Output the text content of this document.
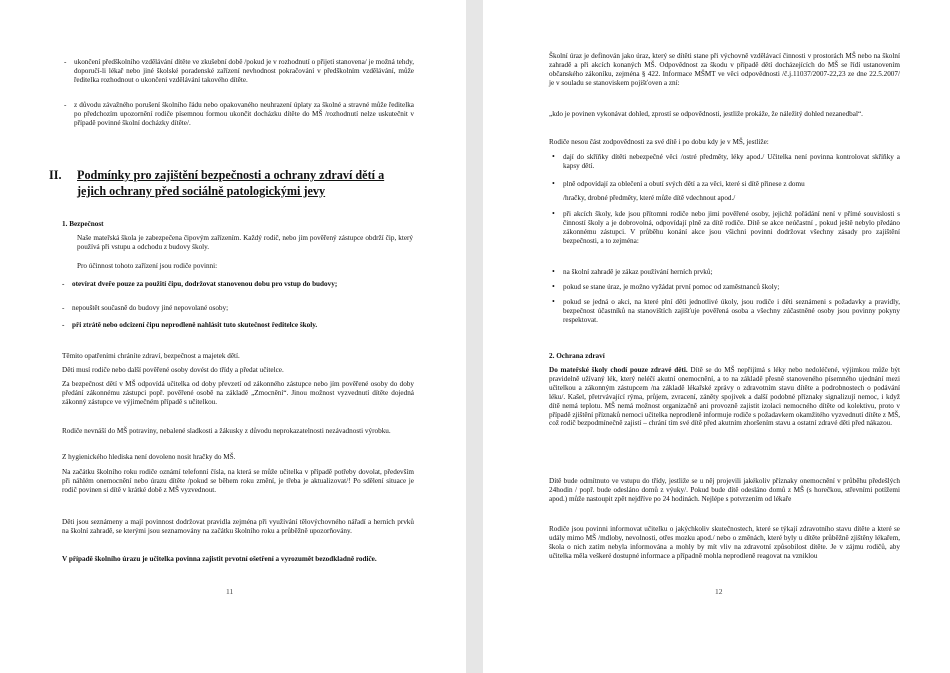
- ukončení předškolního vzdělávání dítěte ve zkušební době /pokud je v rozhodnutí o přijetí stanovena/ je možná tehdy, doporučí-li lékař nebo jiné školské poradenské zařízení nevhodnost pokračování v předškolním vzdělávání, může ředitelka rozhodnout o ukončení vzdělávání takového dítěte.

- z důvodu závažného porušení školního řádu nebo opakovaného neuhrazení úplaty za školné a stravné může ředitelka po předchozím upozornění rodiče písemnou formou ukončit docházku dítěte do MŠ /rozhodnutí nelze uskutečnit v případě povinné školní docházky dítěte/.

II. Podmínky pro zajištění bezpečnosti a ochrany zdraví dětí a jejich ochrany před sociálně patologickými jevy

1. Bezpečnost

Naše mateřská škola je zabezpečena čipovým zařízením. Každý rodič, nebo jím pověřený zástupce obdrží čip, který používá při vstupu a odchodu z budovy školy.

Pro účinnost tohoto zařízení jsou rodiče povinni:

- otevírat dveře pouze za použití čipu, dodržovat stanovenou dobu pro vstup do budovy;

- nepouštět současně do budovy jiné nepovolané osoby;

- při ztrátě nebo odcizení čipu neprodleně nahlásit tuto skutečnost ředitelce školy.

Těmito opatřeními chráníte zdraví, bezpečnost a majetek dětí.

Děti musí rodiče nebo další pověřené osoby dovést do třídy a předat učitelce.

Za bezpečnost dětí v MŠ odpovídá učitelka od doby převzetí od zákonného zástupce nebo jím pověřené osoby do doby předání zákonnému zástupci popř. pověřené osobě na základě „Zmocnění“. Jinou možnost vyzvednutí dítěte dojedná zákonný zástupce ve výjimečném případě s učitelkou.

Rodiče nevnáší do MŠ potraviny, nebalené sladkosti a žákusky z důvodu neprokazatelnosti nezávadnosti výrobku.

Z hygienického hlediska není dovoleno nosit hračky do MŠ.

Na začátku školního roku rodiče oznámí telefonní čísla, na která se může učitelka v případě potřeby dovolat, především při náhlém onemocnění nebo úrazu dítěte /pokud se během roku změní, je třeba je aktualizovat/! Po sdělení situace je rodič povinen si dítě v krátké době z MŠ vyzvednout.

Děti jsou seznámeny a mají povinnost dodržovat pravidla zejména při využívání tělovýchovného nářadí a herních prvků na školní zahradě, se kterými jsou seznamovány na začátku školního roku a průběžně upozorňovány.

V případě školního úrazu je učitelka povinna zajistit prvotní ošetření a vyrozumět bezodkladně rodiče.

11

Školní úraz je definován jako úraz, který se dítěti stane při výchovně vzdělávací činnosti v prostorách MŠ nebo na školní zahradě a při akcích konaných MŠ. Odpovědnost za škodu v případě dětí docházejících do MŠ se řídí ustanovením občanského zákoníku, zejména § 422. Informace MŠMT ve věci odpovědnosti /č.j.11037/2007-22,23 ze dne 22.5.2007/ je v souladu se stanoviskem pojišťoven a zní:

„kdo je povinen vykonávat dohled, zprostí se odpovědnosti, jestliže prokáže, že náležitý dohled nezanedbal“.

Rodiče nesou část zodpovědnosti za své dítě i po dobu kdy je v MŠ, jestliže:

• dají do skříňky dítěti nebezpečné věci /ostré předměty, léky apod./ Učitelka není povinna kontrolovat skříňky a kapsy dětí.

• plně odpovídají za oblečení a obutí svých dětí a za věci, které si dítě přinese z domu

/hračky, drobné předměty, které může dítě vdechnout apod./

• při akcích školy, kde jsou přítomni rodiče nebo jimi pověřené osoby, jejichž pořádání není v přímé souvislosti s činností školy a je dobrovolná, odpovídají plně za dítě rodiče. Dítě se akce neúčastní , pokud ještě nebylo předáno zákonnému zástupci. V průběhu konání akce jsou všichni povinni dodržovat všechny zásady pro zajištění bezpečnosti, a to zejména:

• na školní zahradě je zákaz používání herních prvků;

• pokud se stane úraz, je možno vyžádat první pomoc od zaměstnanců školy;

• pokud se jedná o akci, na které plní děti jednotlivé úkoly, jsou rodiče i děti seznámeni s požadavky a pravidly, bezpečnost účastníků na stanovištích zajišťuje pověřená osoba a všechny zúčastněné osoby jsou povinny pokyny respektovat.

2. Ochrana zdraví

Do mateřské školy chodí pouze zdravé děti. Dítě se do MŠ nepřijímá s léky nebo nedoléčené, výjimkou může být pravidelně užívaný lék, který neléčí akutní onemocnění, a to na základě přesně stanoveného písemného ujednání mezi učitelkou a zákonným zástupcem /na základě lékařské zprávy o zdravotním stavu dítěte a podrobnostech o podávání léku/. Kašel, přetrvávající rýma, průjem, zvracení, záněty spojivek a další podobné příznaky signalizují nemoc, i když dítě nemá teplotu. MŠ nemá možnost organizačně ani provozně zajistit izolaci nemocného dítěte od kolektivu, proto v případě zjištění příznaků nemoci učitelka neprodleně informuje rodiče s požadavkem okamžitého vyzvednutí dítěte z MŠ, což rodič bezpodmínečně zajistí – chrání tím své dítě před akutním zhoršením stavu a ostatní zdravé děti před nákazou.

Dítě bude odmítnuto ve vstupu do třídy, jestliže se u něj projevili jakékoliv příznaky onemocnění v průběhu předešlých 24hodin / popř. bude odesláno domů z výuky/. Pokud bude dítě odesláno domů z MŠ (s horečkou, střevními potížemi apod.) může nastoupit zpět nejdříve po 24 hodinách. Nejlépe s potvrzením od lékaře

Rodiče jsou povinni informovat učitelku o jakýchkoliv skutečnostech, které se týkají zdravotního stavu dítěte a které se udály mimo MŠ /mdloby, nevolnosti, otřes mozku apod./ nebo o změnách, které byly u dítěte průběžně zjištěny lékařem, škola o nich zatím nebyla informována a mohly by mít vliv na zdravotní způsobilost dítěte. Je v zájmu rodičů, aby učitelka měla veškeré dostupné informace a případně mohla neprodleně reagovat na vzniklou

12
